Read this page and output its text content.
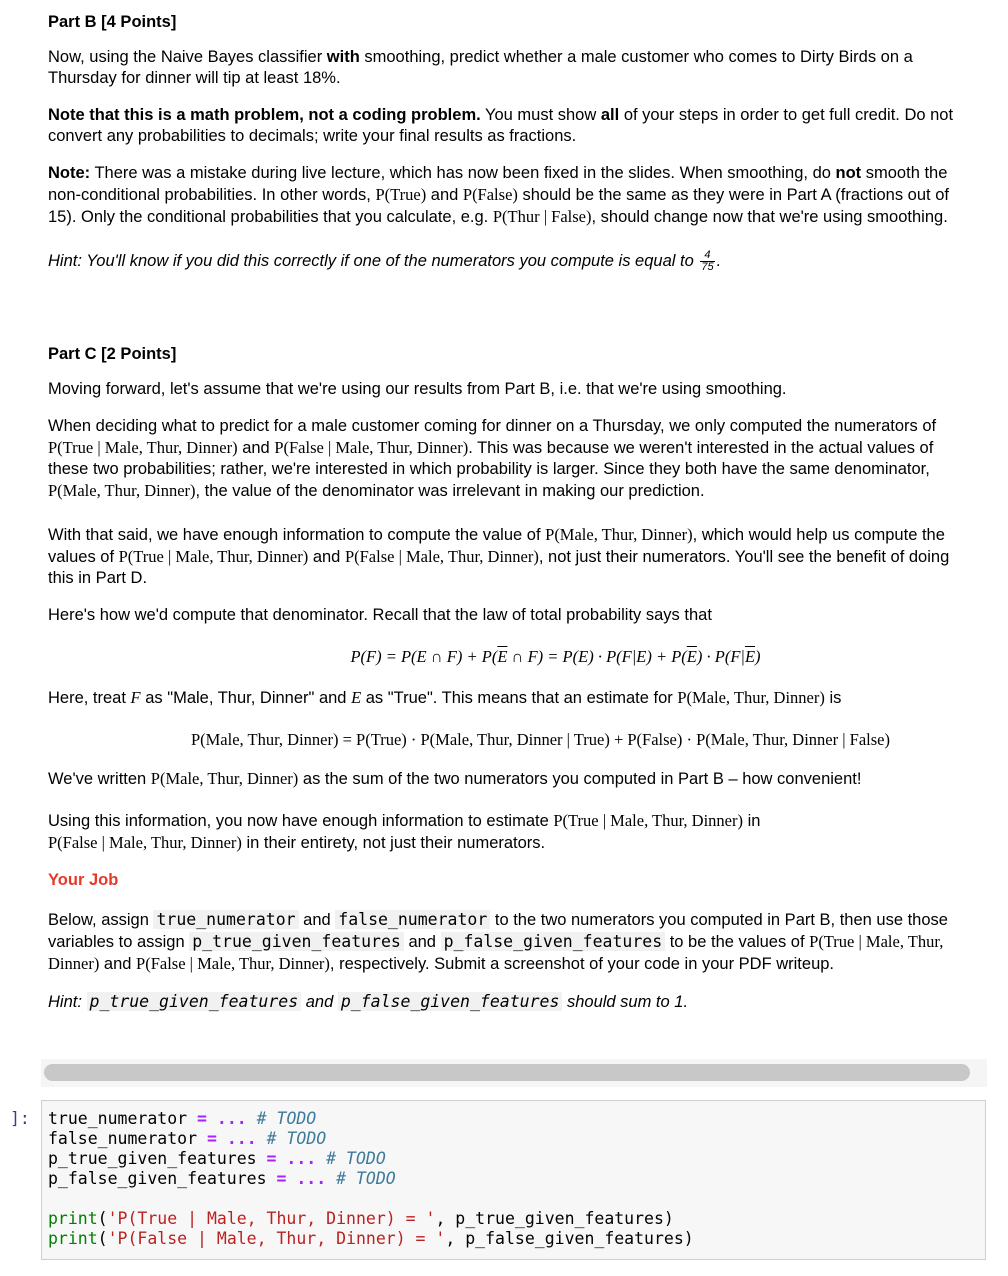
Part B [4 Points]

Now, using the Naive Bayes classifier with smoothing, predict whether a male customer who comes to Dirty Birds on a Thursday for dinner will tip at least 18%.

Note that this is a math problem, not a coding problem. You must show all of your steps in order to get full credit. Do not convert any probabilities to decimals; write your final results as fractions.

Note: There was a mistake during live lecture, which has now been fixed in the slides. When smoothing, do not smooth the non-conditional probabilities. In other words, P(True) and P(False) should be the same as they were in Part A (fractions out of 15). Only the conditional probabilities that you calculate, e.g. P(Thur | False), should change now that we're using smoothing.

Hint: You'll know if you did this correctly if one of the numerators you compute is equal to $\frac{4}{75}$ .

Part C [2 Points]

Moving forward, let's assume that we're using our results from Part B, i.e. that we're using smoothing.

When deciding what to predict for a male customer coming for dinner on a Thursday, we only computed the numerators of P(True | Male, Thur, Dinner) and P(False | Male, Thur, Dinner). This was because we weren't interested in the actual values of these two probabilities; rather, we're interested in which probability is larger. Since they both have the same denominator, P(Male, Thur, Dinner), the value of the denominator was irrelevant in making our prediction.

With that said, we have enough information to compute the value of P(Male, Thur, Dinner), which would help us compute the values of P(True | Male, Thur, Dinner) and P(False | Male, Thur, Dinner), not just their numerators. You'll see the benefit of doing this in Part D.

Here's how we'd compute that denominator. Recall that the law of total probability says that

P(F) = P(E ∩ $F) + P(\overline{E}$ ∩ $F) = P(E) \cdot P(F|E) + P(\overline{E}) \cdot P(F|\overline{E})$

Here, treat F as "Male, Thur, Dinner" and E as "True". This means that an estimate for P(Male, Thur, Dinner) is

P(Male, Thur, Dinner) = P(True) · P(Male, Thur, Dinner | True) + P(False) · P(Male, Thur, Dinner | False)

We've written P(Male, Thur, Dinner) as the sum of the two numerators you computed in Part B – how convenient!

Using this information, you now have enough information to estimate P(True | Male, Thur, Dinner) in
P(False | Male, Thur, Dinner) in their entirety, not just their numerators.

Your Job

Below, assign true_numerator and false_numerator to the two numerators you computed in Part B, then use those variables to assign p_true_given_features and p_false_given_features to be the values of P(True | Male, Thur, Dinner) and P(False | Male, Thur, Dinner), respectively. Submit a screenshot of your code in your PDF writeup.

Hint: p_true_given_features and p_false_given_features should sum to 1.

]: true_numerator = ... # TODO
false_numerator = ... # TODO
p_true_given_features = ... # TODO
p_false_given_features = ... # TODO

print('P(True | Male, Thur, Dinner) = ', p_true_given_features)
print('P(False | Male, Thur, Dinner) = ', p_false_given_features)
